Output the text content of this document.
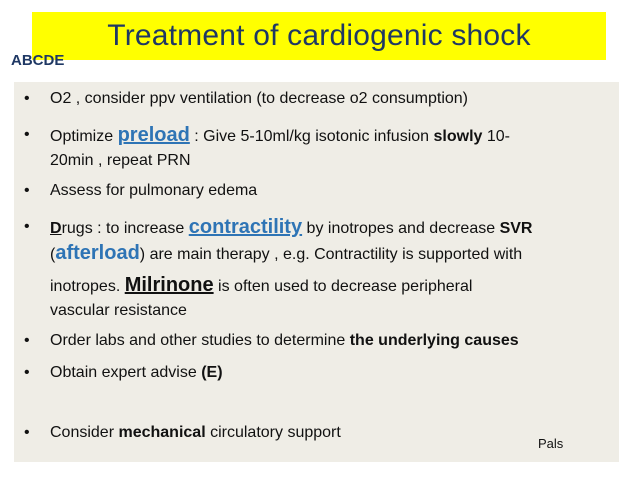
Treatment of cardiogenic shock
ABCDE
Pals
• O2 , consider ppv ventilation (to decrease o2 consumption)
• Optimize preload : Give 5-10ml/kg isotonic infusion slowly 10-
20min , repeat PRN
• Assess for pulmonary edema
• Drugs : to increase contractility by inotropes and decrease SVR
(afterload) are main therapy , e.g. Contractility is supported with
inotropes. Milrinone is often used to decrease peripheral
vascular resistance
• Order labs and other studies to determine the underlying causes
• Obtain expert advise (E)
• Consider mechanical circulatory support
